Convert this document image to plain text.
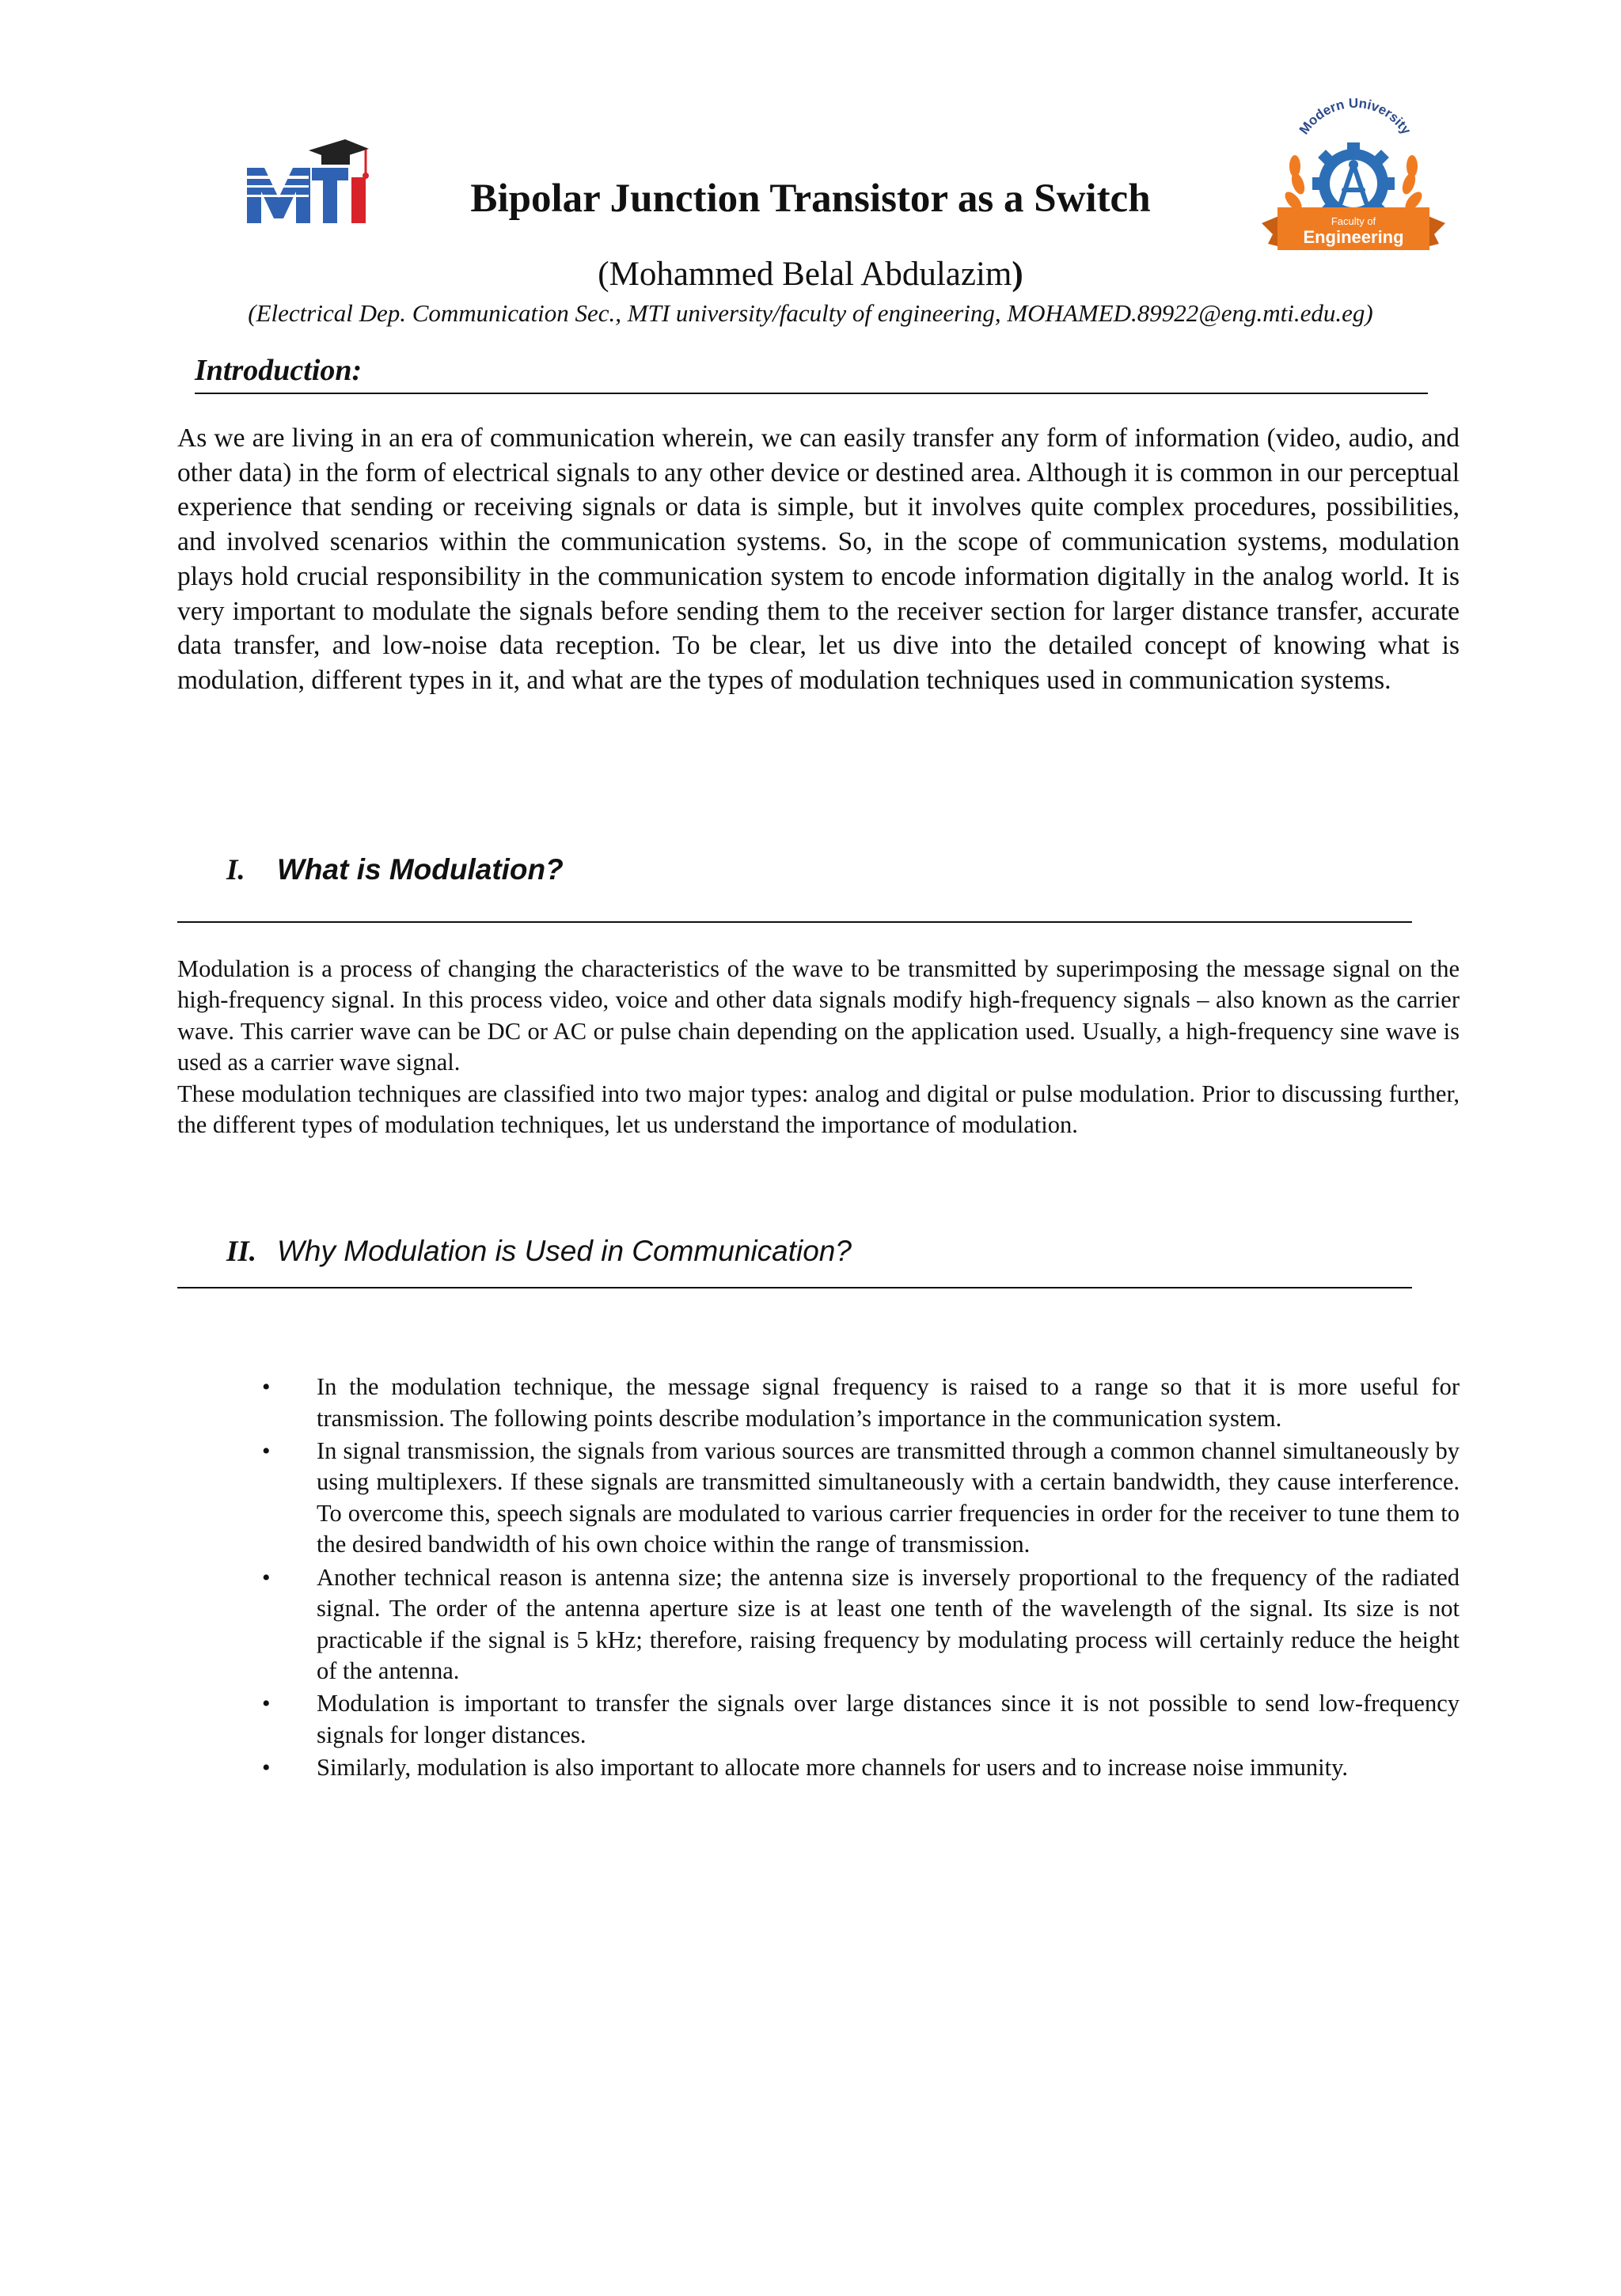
Modern University
Faculty of
Engineering
Bipolar Junction Transistor as a Switch
(Mohammed Belal Abdulazim)
(Electrical Dep. Communication Sec., MTI university/faculty of engineering, MOHAMED.89922@eng.mti.edu.eg)
Introduction:
As we are living in an era of communication wherein, we can easily transfer any form of information (video, audio, and other data) in the form of electrical signals to any other device or destined area. Although it is common in our perceptual experience that sending or receiving signals or data is simple, but it involves quite complex procedures, possibilities, and involved scenarios within the communication systems. So, in the scope of communication systems, modulation plays hold crucial responsibility in the communication system to encode information digitally in the analog world. It is very important to modulate the signals before sending them to the receiver section for larger distance transfer, accurate data transfer, and low-noise data reception. To be clear, let us dive into the detailed concept of knowing what is modulation, different types in it, and what are the types of modulation techniques used in communication systems.
I. What is Modulation?
Modulation is a process of changing the characteristics of the wave to be transmitted by superimposing the message signal on the high-frequency signal. In this process video, voice and other data signals modify high-frequency signals – also known as the carrier wave. This carrier wave can be DC or AC or pulse chain depending on the application used. Usually, a high-frequency sine wave is used as a carrier wave signal.
These modulation techniques are classified into two major types: analog and digital or pulse modulation. Prior to discussing further, the different types of modulation techniques, let us understand the importance of modulation.
II. Why Modulation is Used in Communication?
• In the modulation technique, the message signal frequency is raised to a range so that it is more useful for transmission. The following points describe modulation’s importance in the communication system.
• In signal transmission, the signals from various sources are transmitted through a common channel simultaneously by using multiplexers. If these signals are transmitted simultaneously with a certain bandwidth, they cause interference. To overcome this, speech signals are modulated to various carrier frequencies in order for the receiver to tune them to the desired bandwidth of his own choice within the range of transmission.
• Another technical reason is antenna size; the antenna size is inversely proportional to the frequency of the radiated signal. The order of the antenna aperture size is at least one tenth of the wavelength of the signal. Its size is not practicable if the signal is 5 kHz; therefore, raising frequency by modulating process will certainly reduce the height of the antenna.
• Modulation is important to transfer the signals over large distances since it is not possible to send low-frequency signals for longer distances.
• Similarly, modulation is also important to allocate more channels for users and to increase noise immunity.
